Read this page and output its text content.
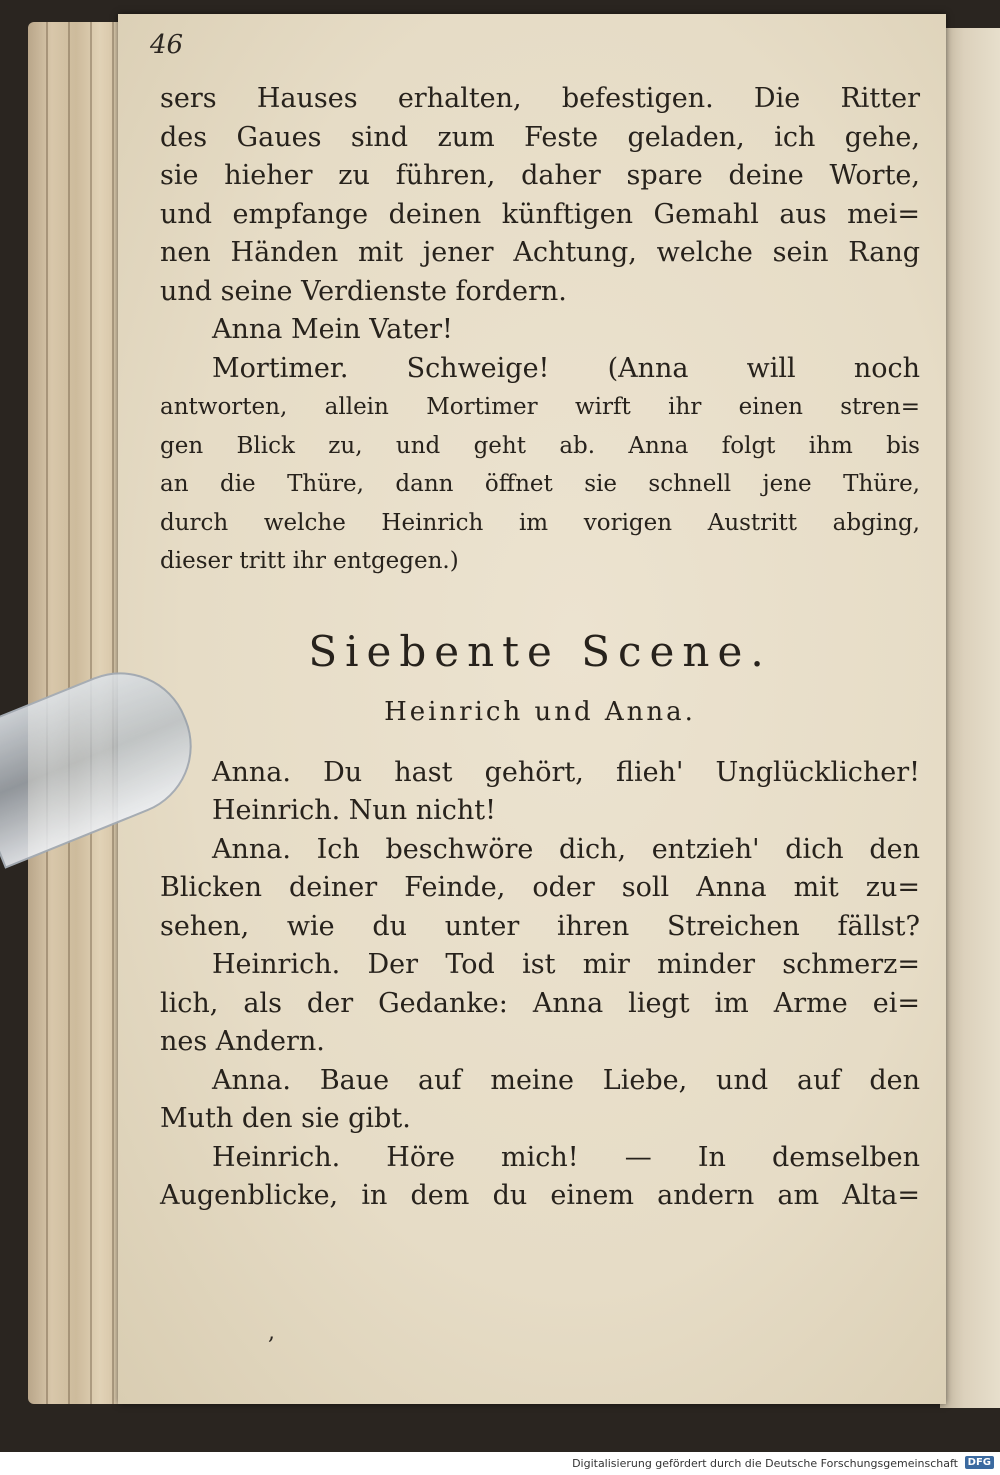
46
sers Hauses erhalten, befestigen. Die Ritter
des Gaues sind zum Feste geladen, ich gehe,
sie hieher zu führen, daher spare deine Worte,
und empfange deinen künftigen Gemahl aus mei=
nen Händen mit jener Achtung, welche sein Rang
und seine Verdienste fordern.
Anna Mein Vater!
Mortimer. Schweige! (Anna will noch
antworten, allein Mortimer wirft ihr einen stren=
gen Blick zu, und geht ab. Anna folgt ihm bis
an die Thüre, dann öffnet sie schnell jene Thüre,
durch welche Heinrich im vorigen Austritt abging,
dieser tritt ihr entgegen.)
Siebente Scene.
Heinrich und Anna.
Anna. Du hast gehört, flieh' Unglücklicher!
Heinrich. Nun nicht!
Anna. Ich beschwöre dich, entzieh' dich den
Blicken deiner Feinde, oder soll Anna mit zu=
sehen, wie du unter ihren Streichen fällst?
Heinrich. Der Tod ist mir minder schmerz=
lich, als der Gedanke: Anna liegt im Arme ei=
nes Andern.
Anna. Baue auf meine Liebe, und auf den
Muth den sie gibt.
Heinrich. Höre mich! — In demselben
Augenblicke, in dem du einem andern am Alta=
,
Digitalisierung gefördert durch die Deutsche Forschungsgemeinschaft DFG
